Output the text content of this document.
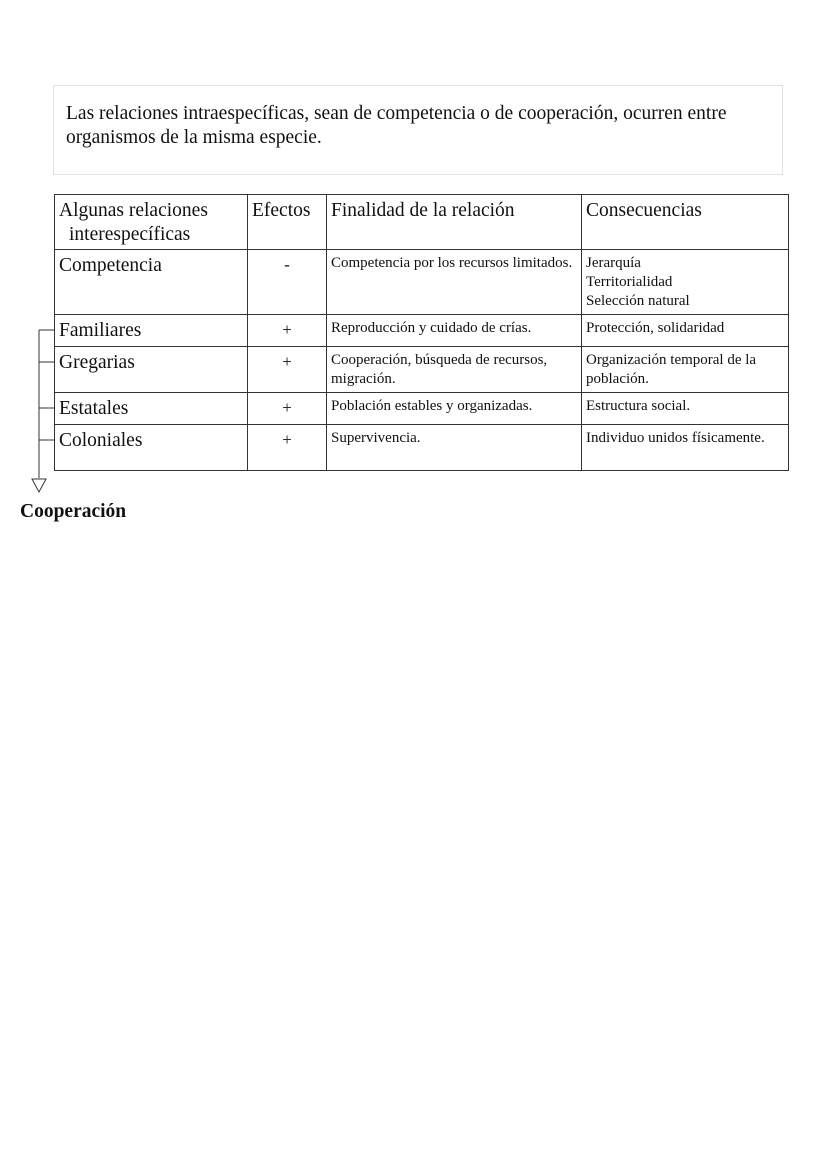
Las relaciones intraespecíficas, sean de competencia o de cooperación, ocurren entre organismos de la misma especie.

Algunas relaciones
interespecíficas	Efectos	Finalidad de la relación	Consecuencias
Competencia	-	Competencia por los recursos limitados.	Jerarquía
Territorialidad
Selección natural

Familiares	+	Reproducción y cuidado de crías.	Protección, solidaridad

Gregarias	+	Cooperación, búsqueda de recursos, migración.	Organización temporal de la población.

Estatales	+	Población estables y organizadas.	Estructura social.

Coloniales	+	Supervivencia.	Individuo unidos físicamente.
Cooperación
